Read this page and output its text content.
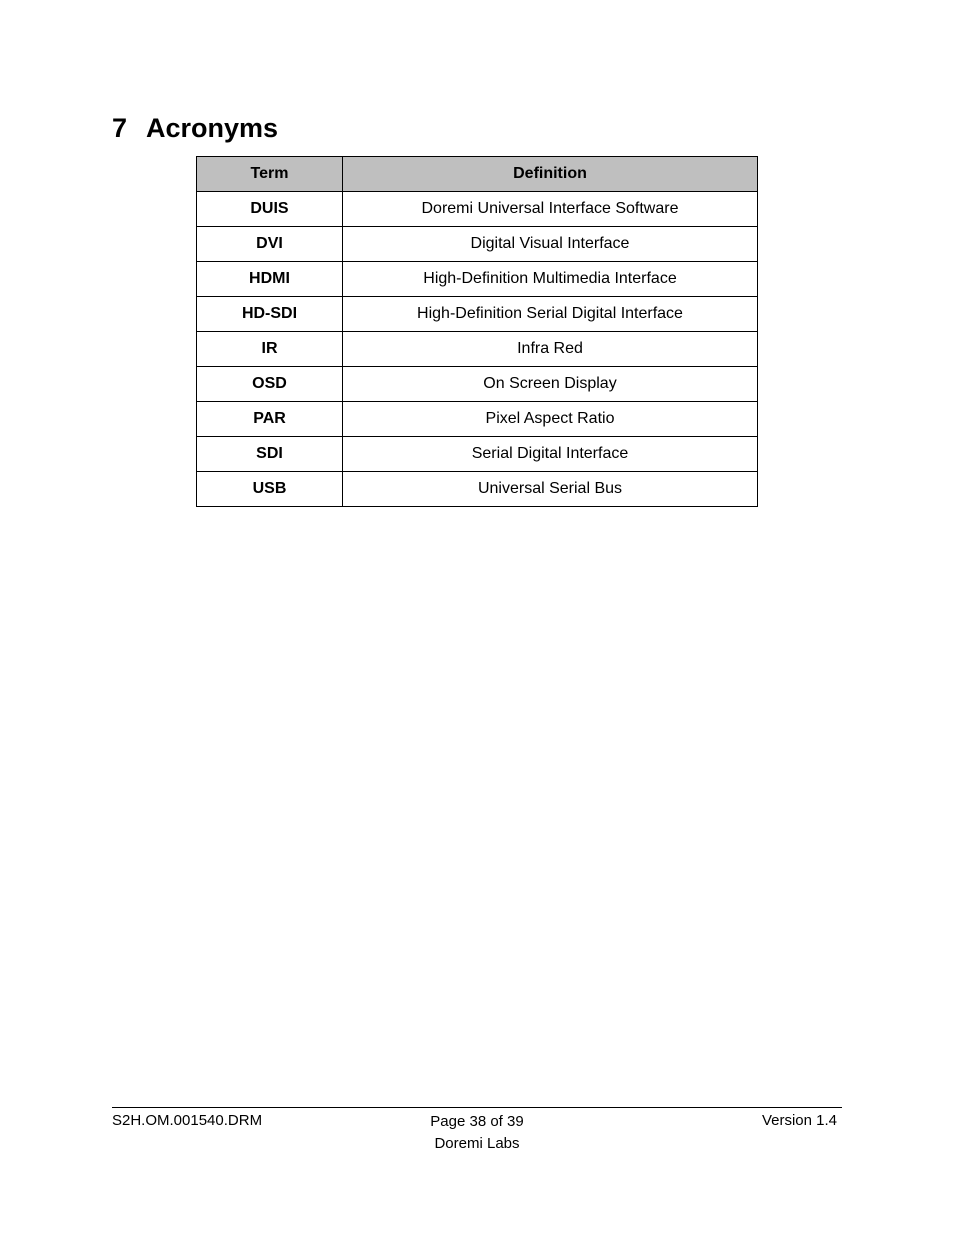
7 Acronyms
Term	Definition
DUIS	Doremi Universal Interface Software
DVI	Digital Visual Interface
HDMI	High-Definition Multimedia Interface
HD-SDI	High-Definition Serial Digital Interface
IR	Infra Red
OSD	On Screen Display
PAR	Pixel Aspect Ratio
SDI	Serial Digital Interface
USB	Universal Serial Bus
S2H.OM.001540.DRM	Page 38 of 39
Doremi Labs
Version 1.4
